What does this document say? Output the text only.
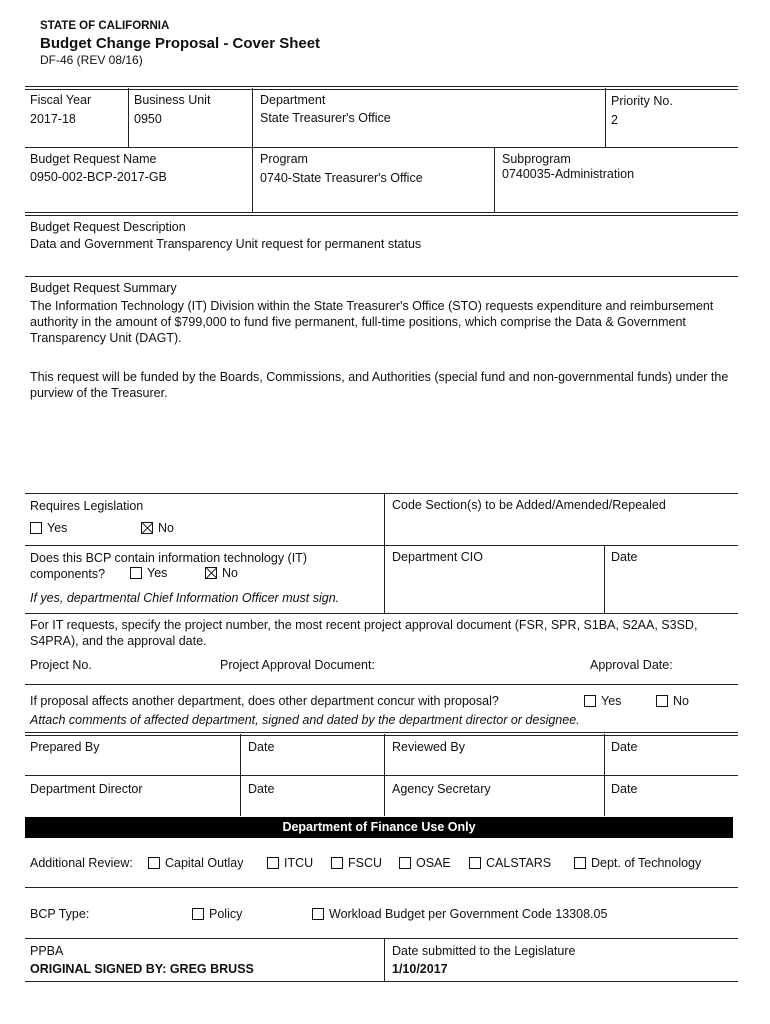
STATE OF CALIFORNIA
Budget Change Proposal - Cover Sheet
DF-46 (REV 08/16)
Fiscal Year
2017-18
Business Unit
0950
Department
State Treasurer's Office
Priority No.
2
Budget Request Name
0950-002-BCP-2017-GB
Program
0740-State Treasurer's Office
Subprogram
0740035-Administration
Budget Request Description
Data and Government Transparency Unit request for permanent status
Budget Request Summary
The Information Technology (IT) Division within the State Treasurer's Office (STO) requests expenditure and reimbursement authority in the amount of $799,000 to fund five permanent, full-time positions, which comprise the Data & Government Transparency Unit (DAGT).
This request will be funded by the Boards, Commissions, and Authorities (special fund and non-governmental funds) under the purview of the Treasurer.
Requires Legislation
Yes	No
Code Section(s) to be Added/Amended/Repealed
Does this BCP contain information technology (IT) components?	Yes	No
If yes, departmental Chief Information Officer must sign.
Department CIO	Date
For IT requests, specify the project number, the most recent project approval document (FSR, SPR, S1BA, S2AA, S3SD, S4PRA), and the approval date.
Project No.	Project Approval Document:	Approval Date:
If proposal affects another department, does other department concur with proposal?	Yes	No
Attach comments of affected department, signed and dated by the department director or designee.
Prepared By	Date	Reviewed By	Date
Department Director	Date	Agency Secretary	Date
Department of Finance Use Only
Additional Review:	Capital Outlay	ITCU	FSCU	OSAE	CALSTARS	Dept. of Technology
BCP Type:	Policy	Workload Budget per Government Code 13308.05
PPBA
ORIGINAL SIGNED BY: GREG BRUSS
Date submitted to the Legislature
1/10/2017
